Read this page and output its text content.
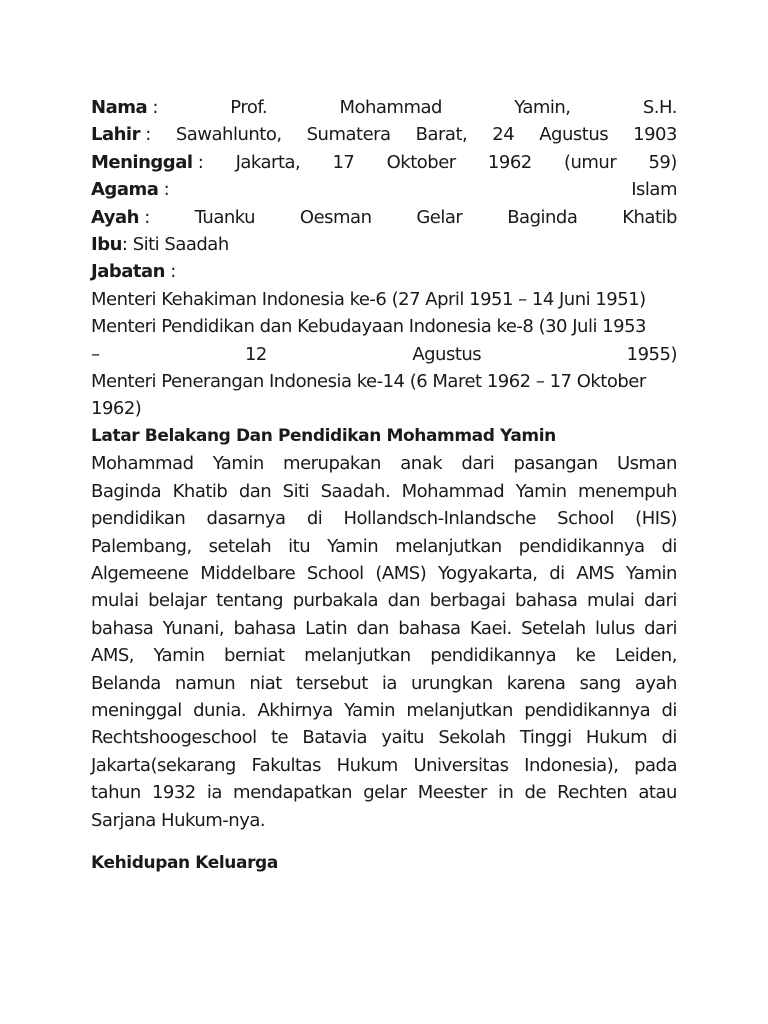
Nama :	Prof.	Mohammad	Yamin,	S.H.
Lahir : Sawahlunto, Sumatera Barat, 24 Agustus 1903
Meninggal : Jakarta, 17 Oktober 1962 (umur 59)
Agama :	Islam
Ayah : Tuanku Oesman Gelar Baginda Khatib
Ibu: Siti Saadah
Jabatan :
Menteri Kehakiman Indonesia ke-6 (27 April 1951 – 14 Juni 1951)
Menteri Pendidikan dan Kebudayaan Indonesia ke-8 (30 Juli 1953
–	12	Agustus	1955)
Menteri Penerangan Indonesia ke-14 (6 Maret 1962 – 17 Oktober
1962)
Latar Belakang Dan Pendidikan Mohammad Yamin
Mohammad Yamin merupakan anak dari pasangan Usman
Baginda Khatib dan Siti Saadah. Mohammad Yamin menempuh
pendidikan dasarnya di Hollandsch-Inlandsche School (HIS)
Palembang, setelah itu Yamin melanjutkan pendidikannya di
Algemeene Middelbare School (AMS) Yogyakarta, di AMS Yamin
mulai belajar tentang purbakala dan berbagai bahasa mulai dari
bahasa Yunani, bahasa Latin dan bahasa Kaei. Setelah lulus dari
AMS, Yamin berniat melanjutkan pendidikannya ke Leiden,
Belanda namun niat tersebut ia urungkan karena sang ayah
meninggal dunia. Akhirnya Yamin melanjutkan pendidikannya di
Rechtshoogeschool te Batavia yaitu Sekolah Tinggi Hukum di
Jakarta(sekarang Fakultas Hukum Universitas Indonesia), pada
tahun 1932 ia mendapatkan gelar Meester in de Rechten atau
Sarjana Hukum-nya.
Kehidupan Keluarga
